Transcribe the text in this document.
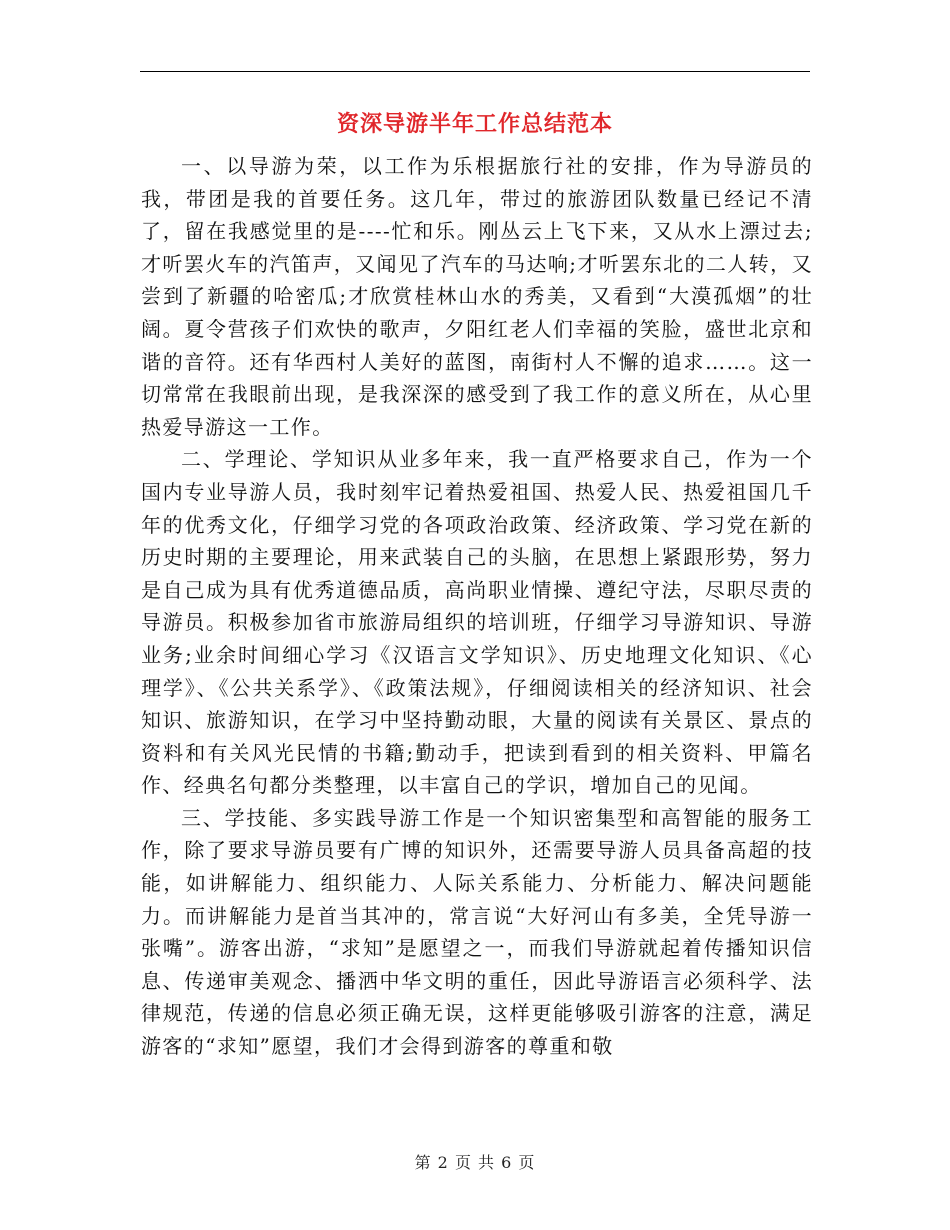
资深导游半年工作总结范本

一、以导游为荣，以工作为乐根据旅行社的安排，作为导游员的我，带团是我的首要任务。这几年，带过的旅游团队数量已经记不清了，留在我感觉里的是----忙和乐。刚丛云上飞下来，又从水上漂过去;才听罢火车的汽笛声，又闻见了汽车的马达响;才听罢东北的二人转，又尝到了新疆的哈密瓜;才欣赏桂林山水的秀美，又看到“大漠孤烟”的壮阔。夏令营孩子们欢快的歌声，夕阳红老人们幸福的笑脸，盛世北京和谐的音符。还有华西村人美好的蓝图，南街村人不懈的追求……。这一切常常在我眼前出现，是我深深的感受到了我工作的意义所在，从心里热爱导游这一工作。

二、学理论、学知识从业多年来，我一直严格要求自己，作为一个国内专业导游人员，我时刻牢记着热爱祖国、热爱人民、热爱祖国几千年的优秀文化，仔细学习党的各项政治政策、经济政策、学习党在新的历史时期的主要理论，用来武装自己的头脑，在思想上紧跟形势，努力是自己成为具有优秀道德品质，高尚职业情操、遵纪守法，尽职尽责的导游员。积极参加省市旅游局组织的培训班，仔细学习导游知识、导游业务;业余时间细心学习《汉语言文学知识》、历史地理文化知识、《心理学》、《公共关系学》、《政策法规》，仔细阅读相关的经济知识、社会知识、旅游知识，在学习中坚持勤动眼，大量的阅读有关景区、景点的资料和有关风光民情的书籍;勤动手，把读到看到的相关资料、甲篇名作、经典名句都分类整理，以丰富自己的学识，增加自己的见闻。

三、学技能、多实践导游工作是一个知识密集型和高智能的服务工作，除了要求导游员要有广博的知识外，还需要导游人员具备高超的技能，如讲解能力、组织能力、人际关系能力、分析能力、解决问题能力。而讲解能力是首当其冲的，常言说“大好河山有多美，全凭导游一张嘴”。游客出游，“求知”是愿望之一，而我们导游就起着传播知识信息、传递审美观念、播洒中华文明的重任，因此导游语言必须科学、法律规范，传递的信息必须正确无误，这样更能够吸引游客的注意，满足游客的“求知”愿望，我们才会得到游客的尊重和敬

第 2 页 共 6 页
